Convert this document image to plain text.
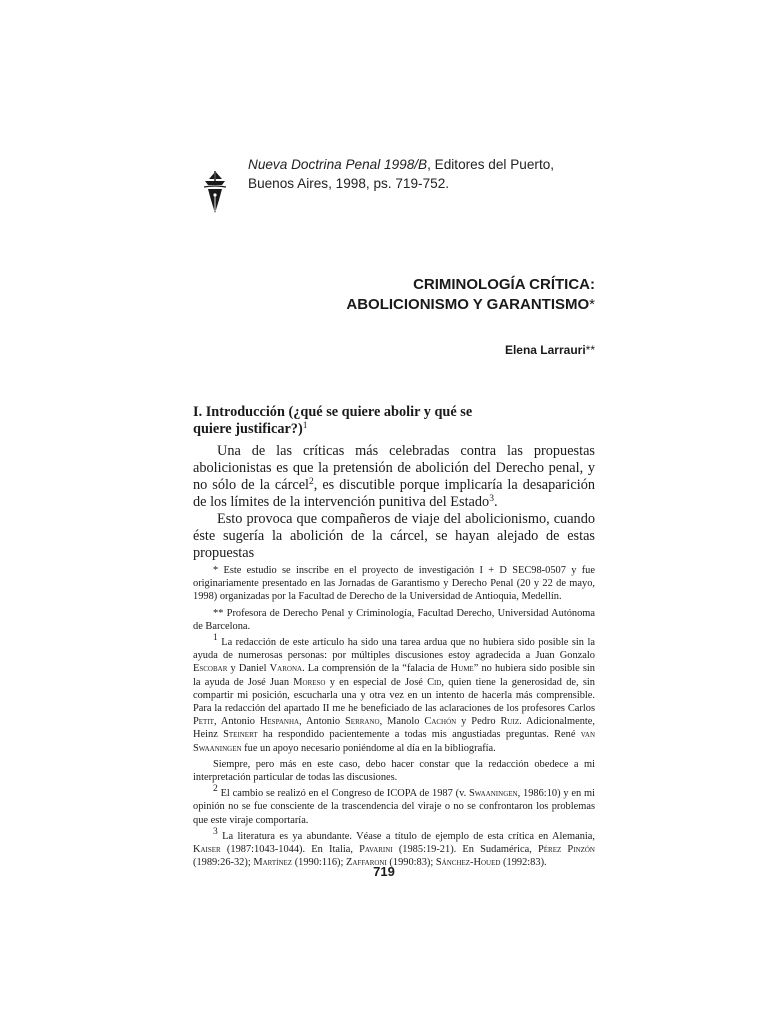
Nueva Doctrina Penal 1998/B, Editores del Puerto, Buenos Aires, 1998, ps. 719-752.
CRIMINOLOGÍA CRÍTICA:
ABOLICIONISMO Y GARANTISMO*
Elena Larrauri**
I. Introducción (¿qué se quiere abolir y qué se quiere justificar?)$^1$

Una de las críticas más celebradas contra las propuestas abolicionistas es que la pretensión de abolición del Derecho penal, y no sólo de la cárcel$^2$, es discutible porque implicaría la desaparición de los límites de la intervención punitiva del Estado$^3$.

Esto provoca que compañeros de viaje del abolicionismo, cuando éste sugería la abolición de la cárcel, se hayan alejado de estas propuestas

* Este estudio se inscribe en el proyecto de investigación I + D SEC98-0507 y fue originariamente presentado en las Jornadas de Garantismo y Derecho Penal (20 y 22 de mayo, 1998) organizadas por la Facultad de Derecho de la Universidad de Antioquia, Medellín.

** Profesora de Derecho Penal y Criminología, Facultad Derecho, Universidad Autónoma de Barcelona.

$^1$ La redacción de este artículo ha sido una tarea ardua que no hubiera sido posible sin la ayuda de numerosas personas: por múltiples discusiones estoy agradecida a Juan Gonzalo Escobar y Daniel Varona. La comprensión de la “falacia de Hume” no hubiera sido posible sin la ayuda de José Juan Moreso y en especial de José Cid, quien tiene la generosidad de, sin compartir mi posición, escucharla una y otra vez en un intento de hacerla más comprensible. Para la redacción del apartado II me he beneficiado de las aclaraciones de los profesores Carlos Petit, Antonio Hespanha, Antonio Serrano, Manolo Cachón y Pedro Ruiz. Adicionalmente, Heinz Steinert ha respondido pacientemente a todas mis angustiadas preguntas. René van Swaaningen fue un apoyo necesario poniéndome al día en la bibliografía.

Siempre, pero más en este caso, debo hacer constar que la redacción obedece a mi interpretación particular de todas las discusiones.

$^2$ El cambio se realizó en el Congreso de ICOPA de 1987 (v. Swaaningen, 1986:10) y en mi opinión no se fue consciente de la trascendencia del viraje o no se confrontaron los problemas que este viraje comportaría.

$^3$ La literatura es ya abundante. Véase a título de ejemplo de esta crítica en Alemania, Kaiser (1987:1043-1044). En Italia, Pavarini (1985:19-21). En Sudamérica, Pérez Pinzón (1989:26-32); Martínez (1990:116); Zaffaroni (1990:83); Sánchez-Houed (1992:83).

719
